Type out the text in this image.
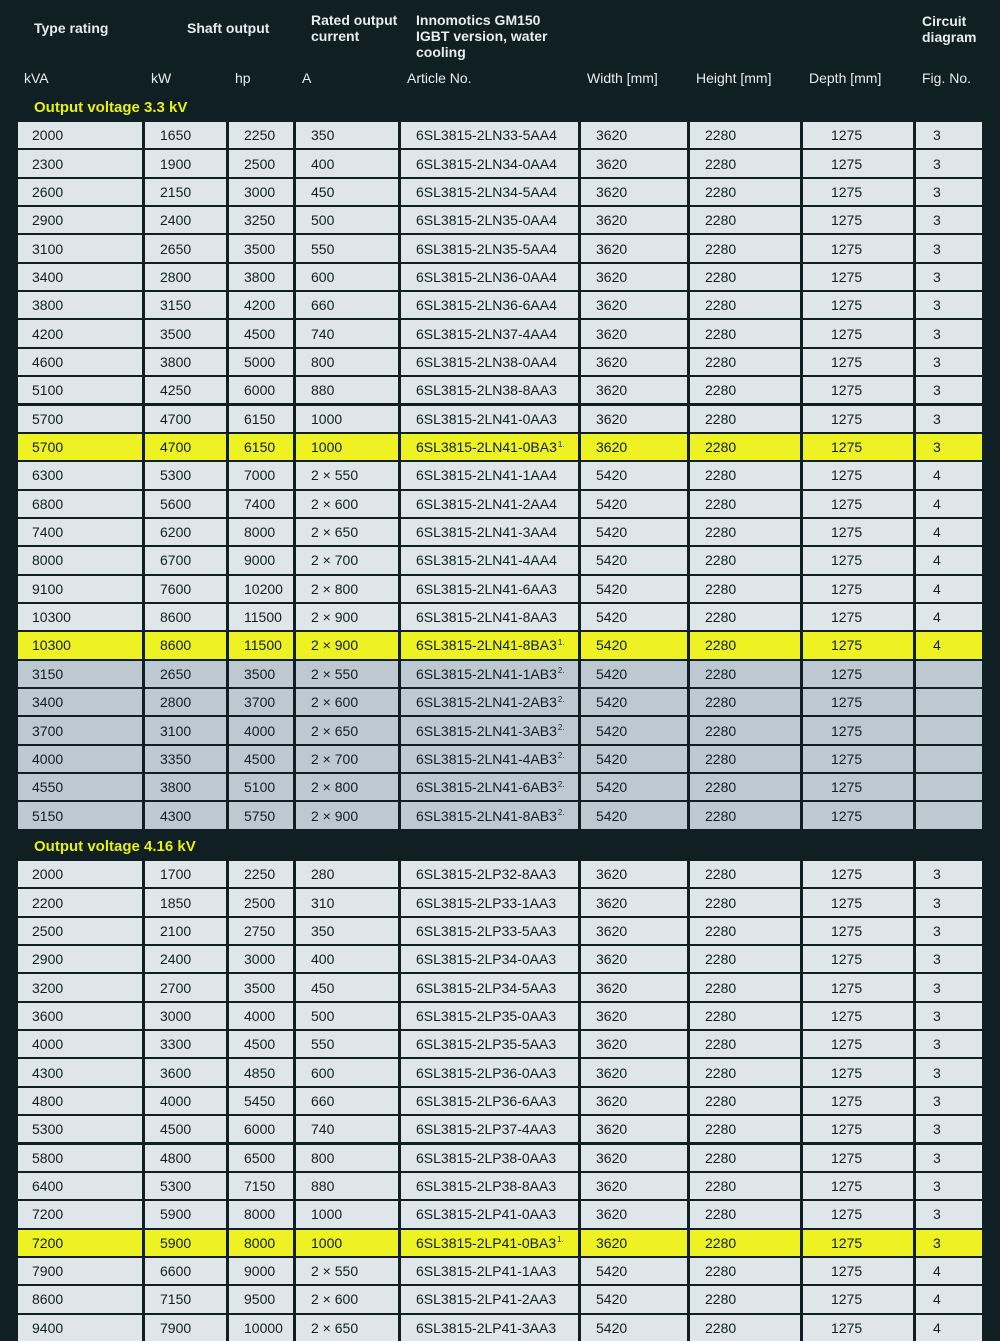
Type rating	Shaft output	Rated output current
Innomotics GM150 IGBT version, water cooling
Circuit diagram
kVA	kW	hp	A	Article No.	Width [mm]	Height [mm]	Depth [mm]	Fig. No.
Output voltage 3.3 kV
2000	1650	2250	350	6SL3815-2LN33-5AA4	3620	2280	1275	3
2300	1900	2500	400	6SL3815-2LN34-0AA4	3620	2280	1275	3
2600	2150	3000	450	6SL3815-2LN34-5AA4	3620	2280	1275	3
2900	2400	3250	500	6SL3815-2LN35-0AA4	3620	2280	1275	3
3100	2650	3500	550	6SL3815-2LN35-5AA4	3620	2280	1275	3
3400	2800	3800	600	6SL3815-2LN36-0AA4	3620	2280	1275	3
3800	3150	4200	660	6SL3815-2LN36-6AA4	3620	2280	1275	3
4200	3500	4500	740	6SL3815-2LN37-4AA4	3620	2280	1275	3
4600	3800	5000	800	6SL3815-2LN38-0AA4	3620	2280	1275	3
5100	4250	6000	880	6SL3815-2LN38-8AA3	3620	2280	1275	3
5700	4700	6150	1000	6SL3815-2LN41-0AA3	3620	2280	1275	3
5700	4700	6150	1000	$6SL3815-2LN41-0BA3^{1.}$ 3620	2280	1275	3
6300	5300	7000	2 × 550	6SL3815-2LN41-1AA4	5420	2280	1275	4
6800	5600	7400	2 × 600	6SL3815-2LN41-2AA4	5420	2280	1275	4
7400	6200	8000	2 × 650	6SL3815-2LN41-3AA4	5420	2280	1275	4
8000	6700	9000	2 × 700	6SL3815-2LN41-4AA4	5420	2280	1275	4
9100	7600	10200 2 × 800	6SL3815-2LN41-6AA3	5420	2280	1275	4
10300	8600	11500 2 × 900	6SL3815-2LN41-8AA3	5420	2280	1275	4
10300	8600	11500 2 × 900	$6SL3815-2LN41-8BA3^{1.}$ 5420	2280	1275	4
3150	2650	3500	2 × 550	$6SL3815-2LN41-1AB3^{2.}$ 5420	2280	1275
3400	2800	3700	2 × 600	$6SL3815-2LN41-2AB3^{2.}$ 5420	2280	1275
3700	3100	4000	2 × 650	$6SL3815-2LN41-3AB3^{2.}$ 5420	2280	1275
4000	3350	4500	2 × 700	$6SL3815-2LN41-4AB3^{2.}$ 5420	2280	1275
4550	3800	5100	2 × 800	$6SL3815-2LN41-6AB3^{2.}$ 5420	2280	1275
5150	4300	5750	2 × 900	$6SL3815-2LN41-8AB3^{2.}$ 5420	2280	1275
Output voltage 4.16 kV
2000	1700	2250	280	6SL3815-2LP32-8AA3	3620	2280	1275	3
2200	1850	2500	310	6SL3815-2LP33-1AA3	3620	2280	1275	3
2500	2100	2750	350	6SL3815-2LP33-5AA3	3620	2280	1275	3
2900	2400	3000	400	6SL3815-2LP34-0AA3	3620	2280	1275	3
3200	2700	3500	450	6SL3815-2LP34-5AA3	3620	2280	1275	3
3600	3000	4000	500	6SL3815-2LP35-0AA3	3620	2280	1275	3
4000	3300	4500	550	6SL3815-2LP35-5AA3	3620	2280	1275	3
4300	3600	4850	600	6SL3815-2LP36-0AA3	3620	2280	1275	3
4800	4000	5450	660	6SL3815-2LP36-6AA3	3620	2280	1275	3
5300	4500	6000	740	6SL3815-2LP37-4AA3	3620	2280	1275	3
5800	4800	6500	800	6SL3815-2LP38-0AA3	3620	2280	1275	3
6400	5300	7150	880	6SL3815-2LP38-8AA3	3620	2280	1275	3
7200	5900	8000	1000	6SL3815-2LP41-0AA3	3620	2280	1275	3
7200	5900	8000	1000	$6SL3815-2LP41-0BA3^{1.}$ 3620	2280	1275	3
7900	6600	9000	2 × 550	6SL3815-2LP41-1AA3	5420	2280	1275	4
8600	7150	9500	2 × 600	6SL3815-2LP41-2AA3	5420	2280	1275	4
9400	7900	10000 2 × 650	6SL3815-2LP41-3AA3	5420	2280	1275	4
